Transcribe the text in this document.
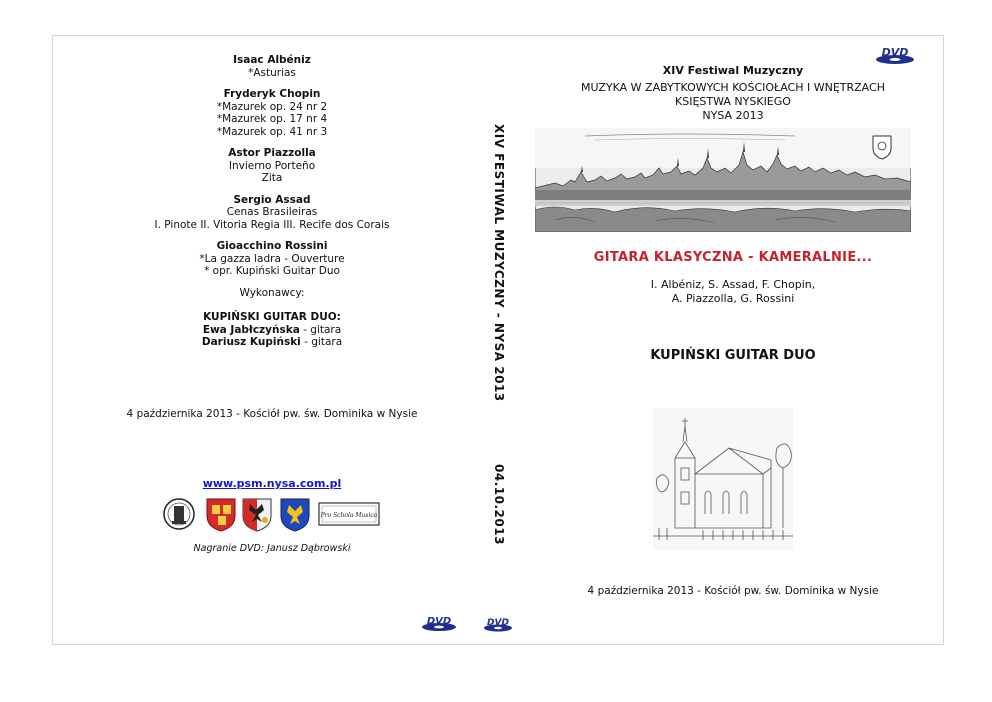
Isaac Albéniz
*Asturias
Fryderyk Chopin
*Mazurek op. 24 nr 2
*Mazurek op. 17 nr 4
*Mazurek op. 41 nr 3
Astor Piazzolla
Invierno Porteño
Zita
Sergio Assad
Cenas Brasileiras
I. Pinote II. Vitoria Regia III. Recife dos Corais
Gioacchino Rossini
*La gazza ladra - Ouverture
* opr. Kupiński Guitar Duo
Wykonawcy:
KUPIŃSKI GUITAR DUO:
Ewa Jabłczyńska - gitara
Dariusz Kupiński - gitara
4 października 2013 - Kościół pw. św. Dominika w Nysie
www.psm.nysa.com.pl
Pro Schola Musica
Nagranie DVD: Janusz Dąbrowski
DVD
XIV FESTIWAL MUZYCZNY - NYSA 2013
04.10.2013
DVD
DVD
XIV Festiwal Muzyczny
MUZYKA W ZABYTKOWYCH KOŚCIOŁACH I WNĘTRZACH
KSIĘSTWA NYSKIEGO
NYSA 2013
GITARA KLASYCZNA - KAMERALNIE...
I. Albéniz, S. Assad, F. Chopin,
A. Piazzolla, G. Rossini
KUPIŃSKI GUITAR DUO
4 października 2013 - Kościół pw. św. Dominika w Nysie
